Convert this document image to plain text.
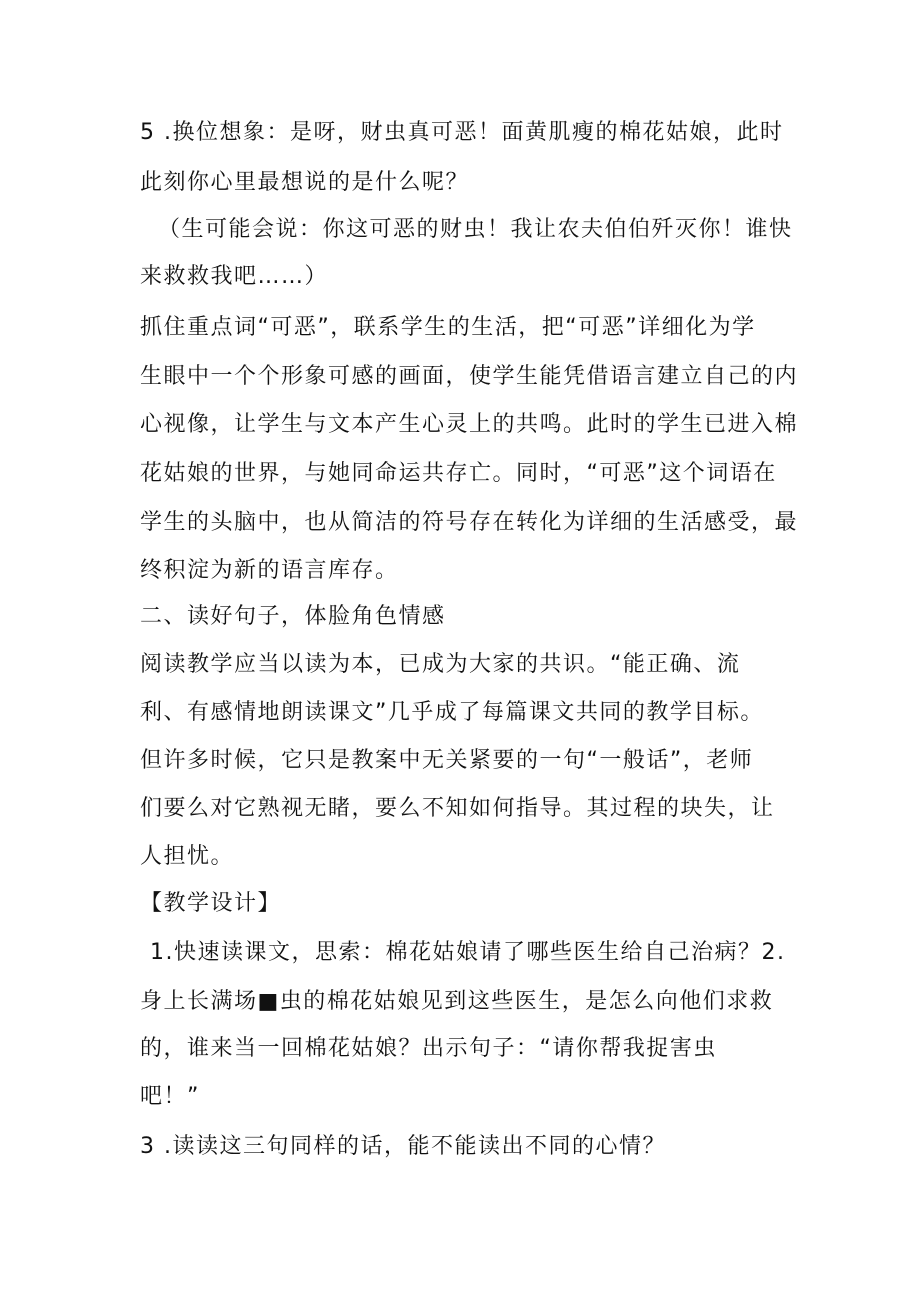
5 .换位想象：是呀，财虫真可恶！面黄肌瘦的棉花姑娘，此时
此刻你心里最想说的是什么呢？
（生可能会说：你这可恶的财虫！我让农夫伯伯歼灭你！谁快
来救救我吧……）
抓住重点词“可恶”，联系学生的生活，把“可恶”详细化为学
生眼中一个个形象可感的画面，使学生能凭借语言建立自己的内
心视像，让学生与文本产生心灵上的共鸣。此时的学生已进入棉
花姑娘的世界，与她同命运共存亡。同时，“可恶”这个词语在
学生的头脑中，也从简洁的符号存在转化为详细的生活感受，最
终积淀为新的语言库存。
二、读好句子，体脸角色情感
阅读教学应当以读为本，已成为大家的共识。“能正确、流
利、有感情地朗读课文”几乎成了每篇课文共同的教学目标。
但许多时候，它只是教案中无关紧要的一句“一般话”，老师
们要么对它熟视无睹，要么不知如何指导。其过程的块失，让
人担忧。
【教学设计】
1.快速读课文，思索：棉花姑娘请了哪些医生给自己治病？2.
身上长满场■虫的棉花姑娘见到这些医生，是怎么向他们求救
的，谁来当一回棉花姑娘？出示句子：“请你帮我捉害虫
吧！”
3 .读读这三句同样的话，能不能读出不同的心情？
